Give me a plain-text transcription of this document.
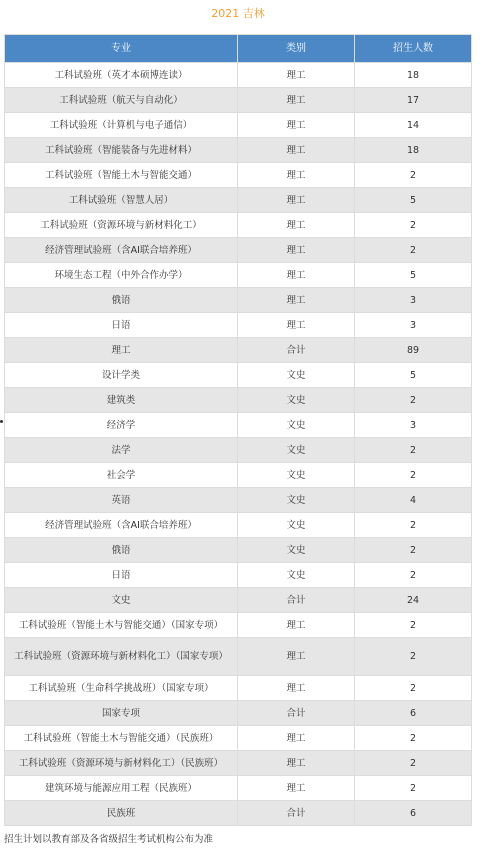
2021 吉林
专业	类别	招生人数
工科试验班（英才本硕博连读）	理工	18
工科试验班（航天与自动化）	理工	17
工科试验班（计算机与电子通信）	理工	14
工科试验班（智能装备与先进材料）	理工	18
工科试验班（智能土木与智能交通）	理工	2
工科试验班（智慧人居）	理工	5
工科试验班（资源环境与新材料化工）	理工	2
经济管理试验班（含AI联合培养班）	理工	2
环境生态工程（中外合作办学）	理工	5
俄语	理工	3
日语	理工	3
理工	合计	89
设计学类	文史	5
建筑类	文史	2
经济学	文史	3
法学	文史	2
社会学	文史	2
英语	文史	4
经济管理试验班（含AI联合培养班）	文史	2
俄语	文史	2
日语	文史	2
文史	合计	24
工科试验班（智能土木与智能交通）（国家专项）	理工	2
工科试验班（资源环境与新材料化工）（国家专项）	理工	2
工科试验班（生命科学挑战班）（国家专项）	理工	2
国家专项	合计	6
工科试验班（智能土木与智能交通）（民族班）	理工	2
工科试验班（资源环境与新材料化工）（民族班）	理工	2
建筑环境与能源应用工程（民族班）	理工	2
民族班	合计	6
招生计划以教育部及各省级招生考试机构公布为准
